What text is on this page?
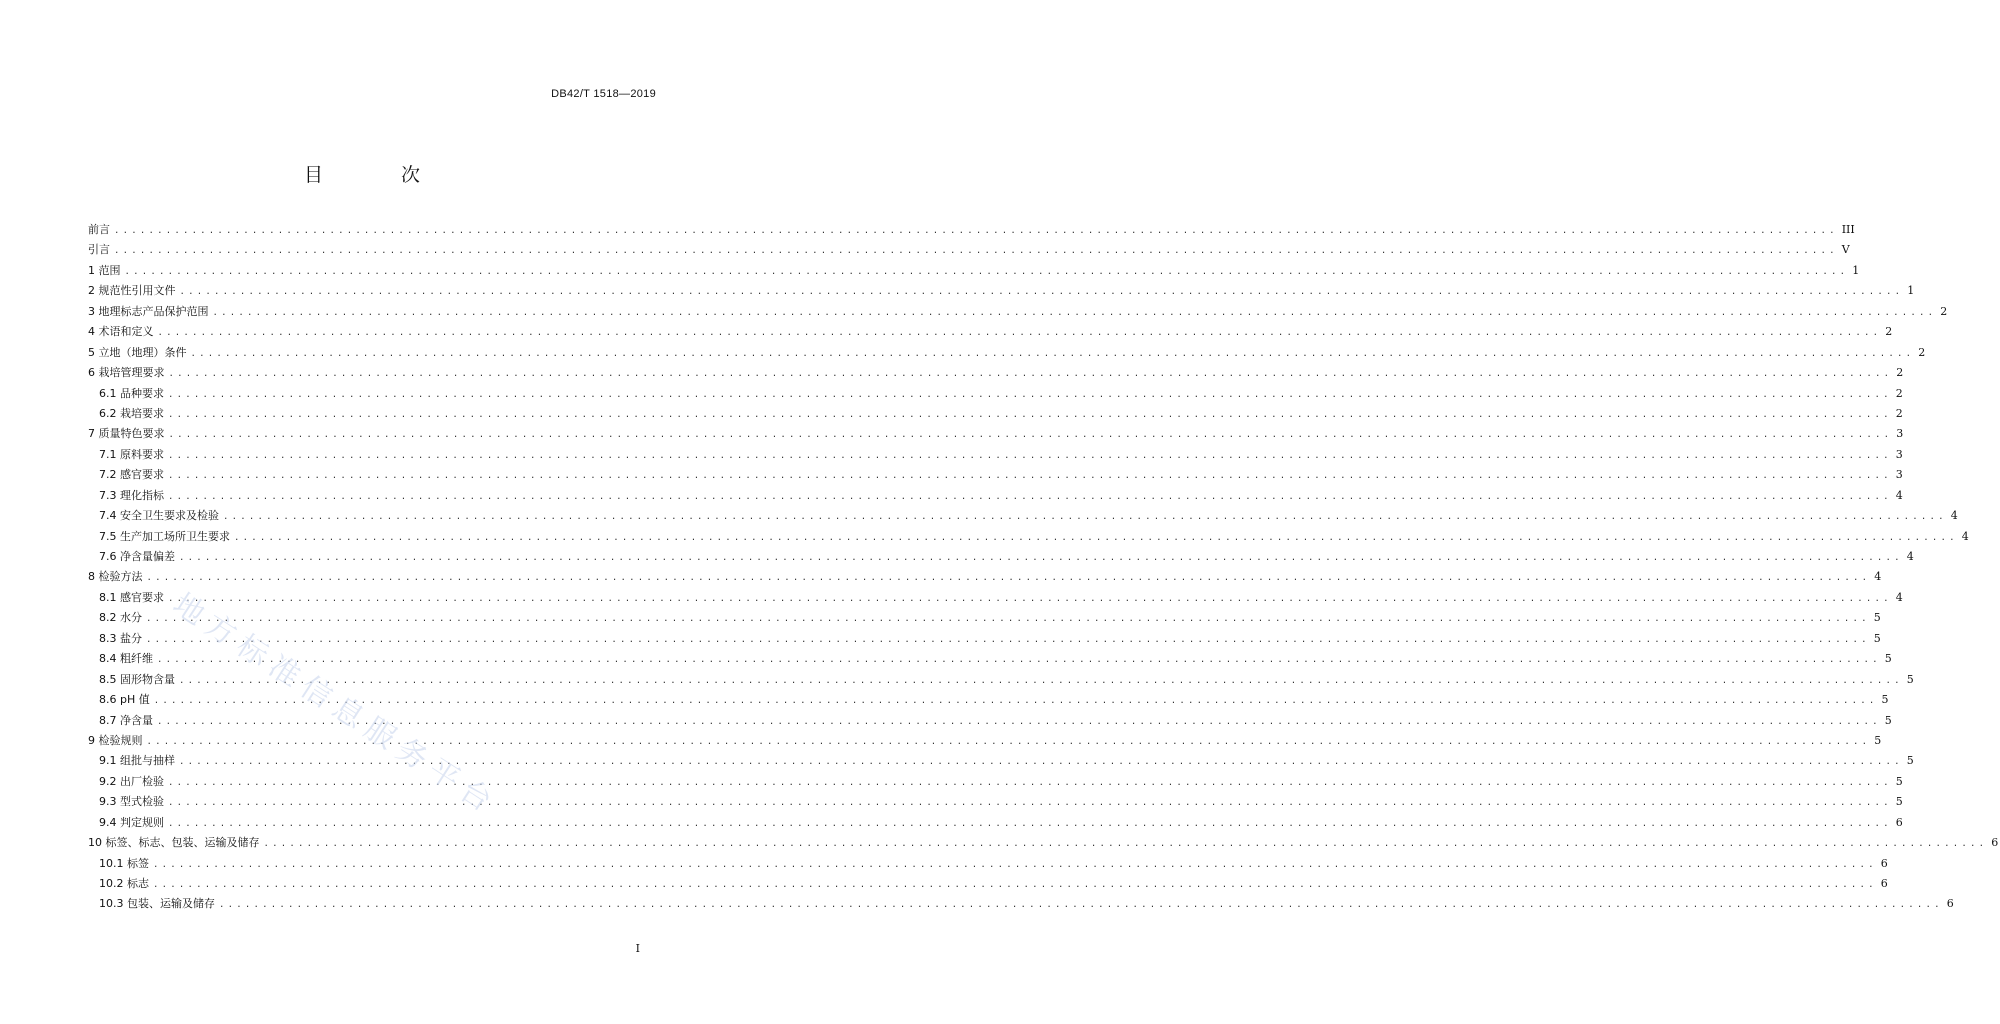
DB42/T 1518—2019
目 次
前言 ........................................................................................................................................................................................................ III
引言 ........................................................................................................................................................................................................ V
1 范围 ........................................................................................................................................................................................................ 1
2 规范性引用文件 ........................................................................................................................................................................................................ 1
3 地理标志产品保护范围 ........................................................................................................................................................................................................ 2
4 术语和定义 ........................................................................................................................................................................................................ 2
5 立地（地理）条件 ........................................................................................................................................................................................................ 2
6 栽培管理要求 ........................................................................................................................................................................................................ 2
6.1 品种要求 ........................................................................................................................................................................................................ 2
6.2 栽培要求 ........................................................................................................................................................................................................ 2
7 质量特色要求 ........................................................................................................................................................................................................ 3
7.1 原料要求 ........................................................................................................................................................................................................ 3
7.2 感官要求 ........................................................................................................................................................................................................ 3
7.3 理化指标 ........................................................................................................................................................................................................ 4
7.4 安全卫生要求及检验 ........................................................................................................................................................................................................ 4
7.5 生产加工场所卫生要求 ........................................................................................................................................................................................................ 4
7.6 净含量偏差 ........................................................................................................................................................................................................ 4
8 检验方法 ........................................................................................................................................................................................................ 4
8.1 感官要求 ........................................................................................................................................................................................................ 4
8.2 水分 ........................................................................................................................................................................................................ 5
8.3 盐分 ........................................................................................................................................................................................................ 5
8.4 粗纤维 ........................................................................................................................................................................................................ 5
8.5 固形物含量 ........................................................................................................................................................................................................ 5
8.6 pH 值 ........................................................................................................................................................................................................ 5
8.7 净含量 ........................................................................................................................................................................................................ 5
9 检验规则 ........................................................................................................................................................................................................ 5
9.1 组批与抽样 ........................................................................................................................................................................................................ 5
9.2 出厂检验 ........................................................................................................................................................................................................ 5
9.3 型式检验 ........................................................................................................................................................................................................ 5
9.4 判定规则 ........................................................................................................................................................................................................ 6
10 标签、标志、包装、运输及储存 ........................................................................................................................................................................................................ 6
10.1 标签 ........................................................................................................................................................................................................ 6
10.2 标志 ........................................................................................................................................................................................................ 6
10.3 包装、运输及储存 ........................................................................................................................................................................................................ 6
地方标准信息服务平台
I
